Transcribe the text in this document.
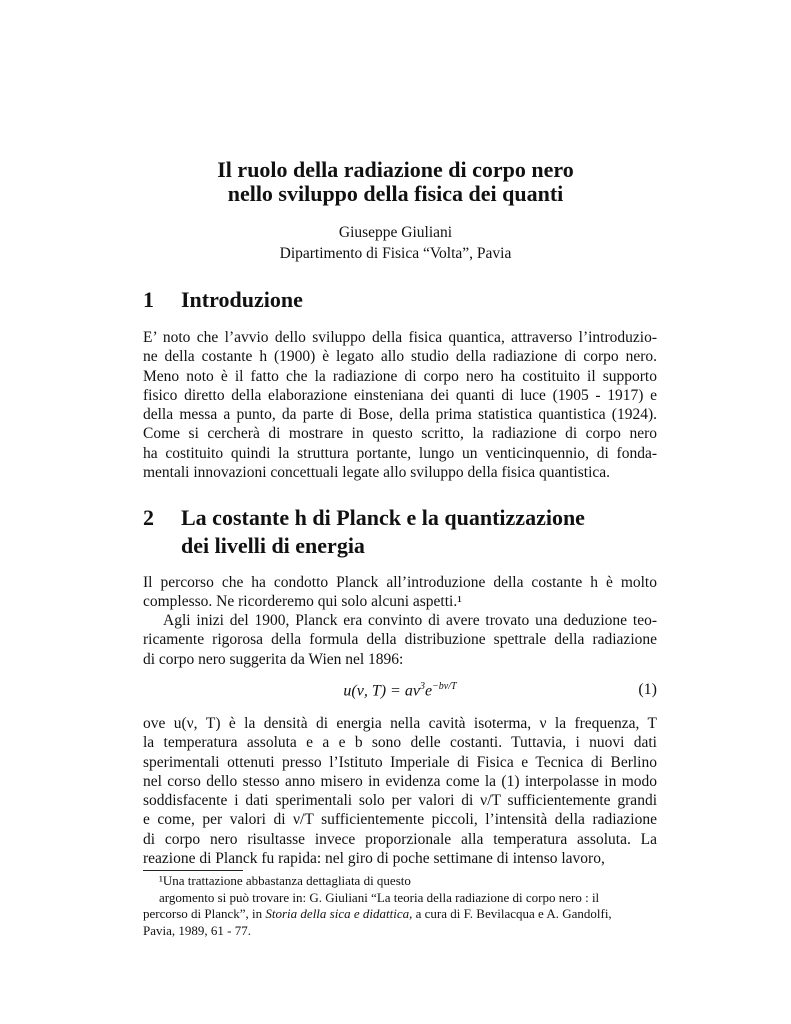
Il ruolo della radiazione di corpo nero
nello sviluppo della fisica dei quanti
Giuseppe Giuliani
Dipartimento di Fisica “Volta”, Pavia
1 Introduzione
E’ noto che l’avvio dello sviluppo della fisica quantica, attraverso l’introduzio-
ne della costante h (1900) è legato allo studio della radiazione di corpo nero.
Meno noto è il fatto che la radiazione di corpo nero ha costituito il supporto
fisico diretto della elaborazione einsteniana dei quanti di luce (1905 - 1917) e
della messa a punto, da parte di Bose, della prima statistica quantistica (1924).
Come si cercherà di mostrare in questo scritto, la radiazione di corpo nero
ha costituito quindi la struttura portante, lungo un venticinquennio, di fonda-
mentali innovazioni concettuali legate allo sviluppo della fisica quantistica.
2 La costante h di Planck e la quantizzazione
dei livelli di energia
Il percorso che ha condotto Planck all’introduzione della costante h è molto
complesso. Ne ricorderemo qui solo alcuni aspetti.¹
Agli inizi del 1900, Planck era convinto di avere trovato una deduzione teo-
ricamente rigorosa della formula della distribuzione spettrale della radiazione
di corpo nero suggerita da Wien nel 1896:
u(ν, $T) = a\nu^3e^{-b\nu/T}$	(1)
ove u(ν, T) è la densità di energia nella cavità isoterma, ν la frequenza, T
la temperatura assoluta e a e b sono delle costanti. Tuttavia, i nuovi dati
sperimentali ottenuti presso l’Istituto Imperiale di Fisica e Tecnica di Berlino
nel corso dello stesso anno misero in evidenza come la (1) interpolasse in modo
soddisfacente i dati sperimentali solo per valori di ν/T sufficientemente grandi
e come, per valori di ν/T sufficientemente piccoli, l’intensità della radiazione
di corpo nero risultasse invece proporzionale alla temperatura assoluta. La
reazione di Planck fu rapida: nel giro di poche settimane di intenso lavoro,
¹Una trattazione abbastanza dettagliata di questo
argomento si può trovare in: G. Giuliani “La teoria della radiazione di corpo nero : il
percorso di Planck”, in Storia della sica e didattica, a cura di F. Bevilacqua e A. Gandolfi,
Pavia, 1989, 61 - 77.
